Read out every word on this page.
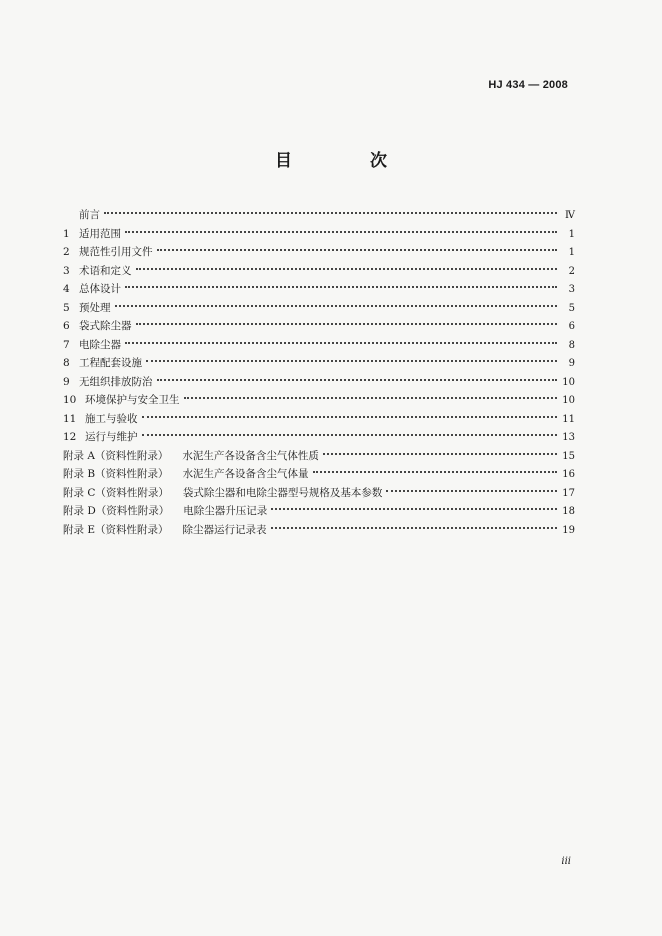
HJ 434 — 2008
目 次
前言	Ⅳ
1 适用范围	1
2 规范性引用文件	1
3 术语和定义	2
4 总体设计	3
5 预处理	5
6 袋式除尘器	6
7 电除尘器	8
8 工程配套设施	9
9 无组织排放防治	10
10 环境保护与安全卫生	10
11 施工与验收	11
12 运行与维护	13
附录 A（资料性附录） 水泥生产各设备含尘气体性质	15
附录 B（资料性附录） 水泥生产各设备含尘气体量	16
附录 C（资料性附录） 袋式除尘器和电除尘器型号规格及基本参数	17
附录 D（资料性附录） 电除尘器升压记录	18
附录 E（资料性附录） 除尘器运行记录表	19
iii
